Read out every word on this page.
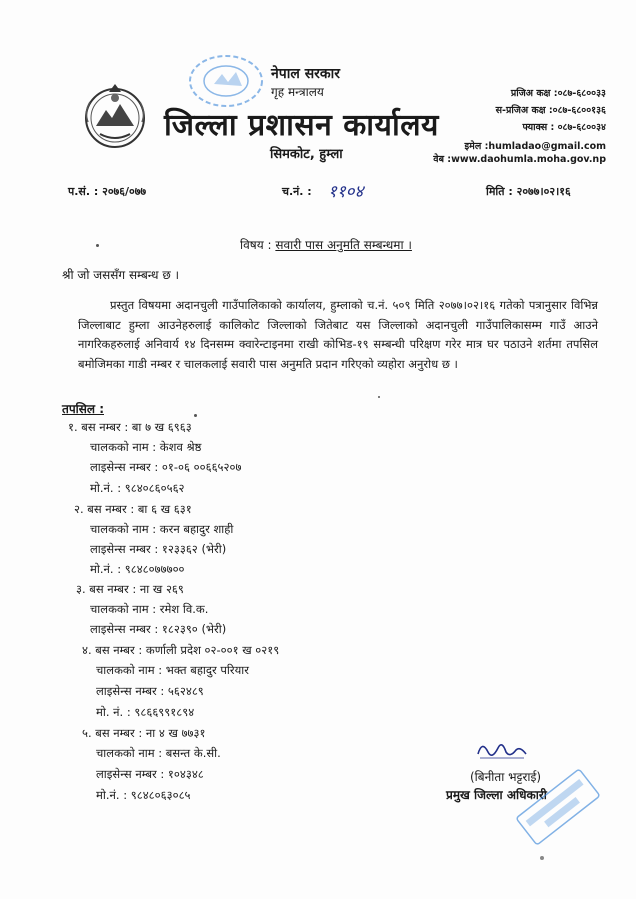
नेपाल सरकार
गृह मन्त्रालय
जिल्ला प्रशासन कार्यालय
सिमकोट, हुम्ला
प्रजिअ कक्ष :०८७-६८००३३
स-प्रजिअ कक्ष :०८७-६८००१३६
फ्याक्स : ०८७-६८००३४
इमेल :humladao@gmail.com
वेब :www.daohumla.moha.gov.np
प.सं. : २०७६/०७७	च.नं. : ११०४	मिति : २०७७।०२।१६
विषय : सवारी पास अनुमति सम्बन्धमा ।
श्री जो जससँग सम्बन्ध छ ।

प्रस्तुत विषयमा अदानचुली गाउँपालिकाको कार्यालय, हुम्लाको च.नं. ५०९ मिति २०७७।०२।१६ गतेको पत्रानुसार विभिन्न जिल्लाबाट हुम्ला आउनेहरुलाई कालिकोट जिल्लाको जितेबाट यस जिल्लाको अदानचुली गाउँपालिकासम्म गाउँ आउने नागरिकहरुलाई अनिवार्य १४ दिनसम्म क्वारेन्टाइनमा राखी कोभिड-१९ सम्बन्धी परिक्षण गरेर मात्र घर पठाउने शर्तमा तपसिल बमोजिमका गाडी नम्बर र चालकलाई सवारी पास अनुमति प्रदान गरिएको व्यहोरा अनुरोध छ ।

तपसिल :
१. बस नम्बर : बा ७ ख ६९६३
चालकको नाम : केशव श्रेष्ठ
लाइसेन्स नम्बर : ०१-०६ ००६६५२०७
मो.नं. : ९८४०८६०५६२
२. बस नम्बर : बा ६ ख ६३१
चालकको नाम : करन बहादुर शाही
लाइसेन्स नम्बर : १२३३६२ (भेरी)
मो.नं. : ९८४८०७७७००
३. बस नम्बर : ना ख २६९
चालकको नाम : रमेश वि.क.
लाइसेन्स नम्बर : १८२३९० (भेरी)
४. बस नम्बर : कर्णाली प्रदेश ०२-००१ ख ०२१९
चालकको नाम : भक्त बहादुर परियार
लाइसेन्स नम्बर : ५६२४८९
मो. नं. : ९८६६९९१८९४
५. बस नम्बर : ना ४ ख ७७३१
चालकको नाम : बसन्त के.सी.
लाइसेन्स नम्बर : १०४३४८
मो.नं. : ९८४८०६३०८५
(बिनीता भट्टराई)
प्रमुख जिल्ला अधिकारी
